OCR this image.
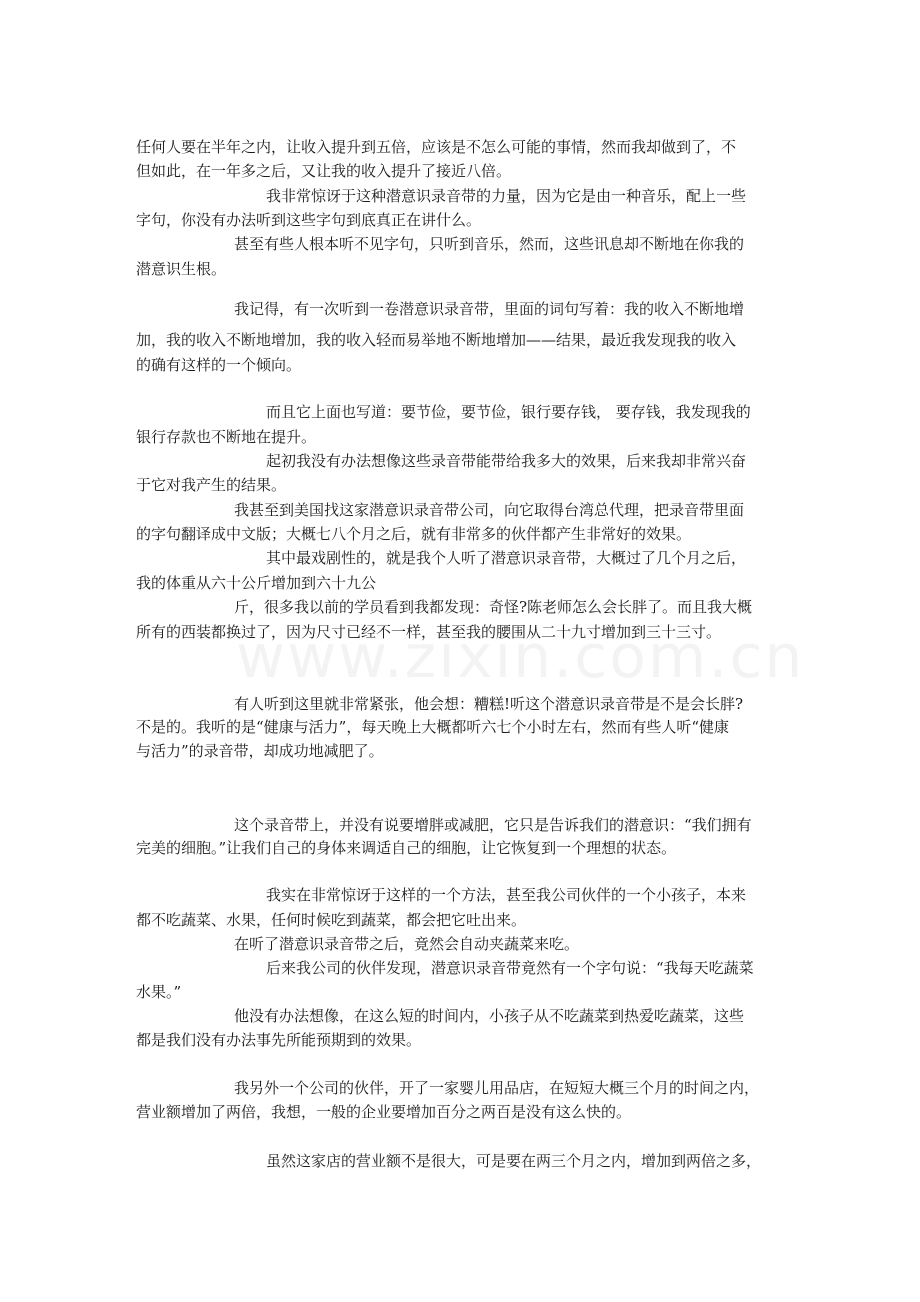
任何人要在半年之内，让收入提升到五倍，应该是不怎么可能的事情，然而我却做到了，不

但如此，在一年多之后，又让我的收入提升了接近八倍。

我非常惊讶于这种潜意识录音带的力量，因为它是由一种音乐，配上一些

字句，你没有办法听到这些字句到底真正在讲什么。

甚至有些人根本听不见字句，只听到音乐，然而，这些讯息却不断地在你我的

潜意识生根。

我记得，有一次听到一卷潜意识录音带，里面的词句写着：我的收入不断地增

加，我的收入不断地增加，我的收入轻而易举地不断地增加——结果，最近我发现我的收入

的确有这样的一个倾向。

而且它上面也写道：要节俭，要节俭，银行要存钱， 要存钱，我发现我的

银行存款也不断地在提升。

起初我没有办法想像这些录音带能带给我多大的效果，后来我却非常兴奋

于它对我产生的结果。

我甚至到美国找这家潜意识录音带公司，向它取得台湾总代理，把录音带里面

的字句翻译成中文版；大概七八个月之后，就有非常多的伙伴都产生非常好的效果。

其中最戏剧性的，就是我个人听了潜意识录音带，大概过了几个月之后，

我的体重从六十公斤增加到六十九公

斤，很多我以前的学员看到我都发现：奇怪?陈老师怎么会长胖了。而且我大概

所有的西装都换过了，因为尺寸已经不一样，甚至我的腰围从二十九寸增加到三十三寸。

有人听到这里就非常紧张，他会想：糟糕!听这个潜意识录音带是不是会长胖?

不是的。我听的是“健康与活力”，每天晚上大概都听六七个小时左右，然而有些人听“健康

与活力”的录音带，却成功地减肥了。

这个录音带上，并没有说要增胖或减肥，它只是告诉我们的潜意识：“我们拥有

完美的细胞。”让我们自己的身体来调适自己的细胞，让它恢复到一个理想的状态。

我实在非常惊讶于这样的一个方法，甚至我公司伙伴的一个小孩子，本来

都不吃蔬菜、水果，任何时候吃到蔬菜，都会把它吐出来。

在听了潜意识录音带之后，竟然会自动夹蔬菜来吃。

后来我公司的伙伴发现，潜意识录音带竟然有一个字句说：“我每天吃蔬菜

水果。”

他没有办法想像，在这么短的时间内，小孩子从不吃蔬菜到热爱吃蔬菜，这些

都是我们没有办法事先所能预期到的效果。

我另外一个公司的伙伴，开了一家婴儿用品店，在短短大概三个月的时间之内，

营业额增加了两倍，我想，一般的企业要增加百分之两百是没有这么快的。

虽然这家店的营业额不是很大，可是要在两三个月之内，增加到两倍之多，
